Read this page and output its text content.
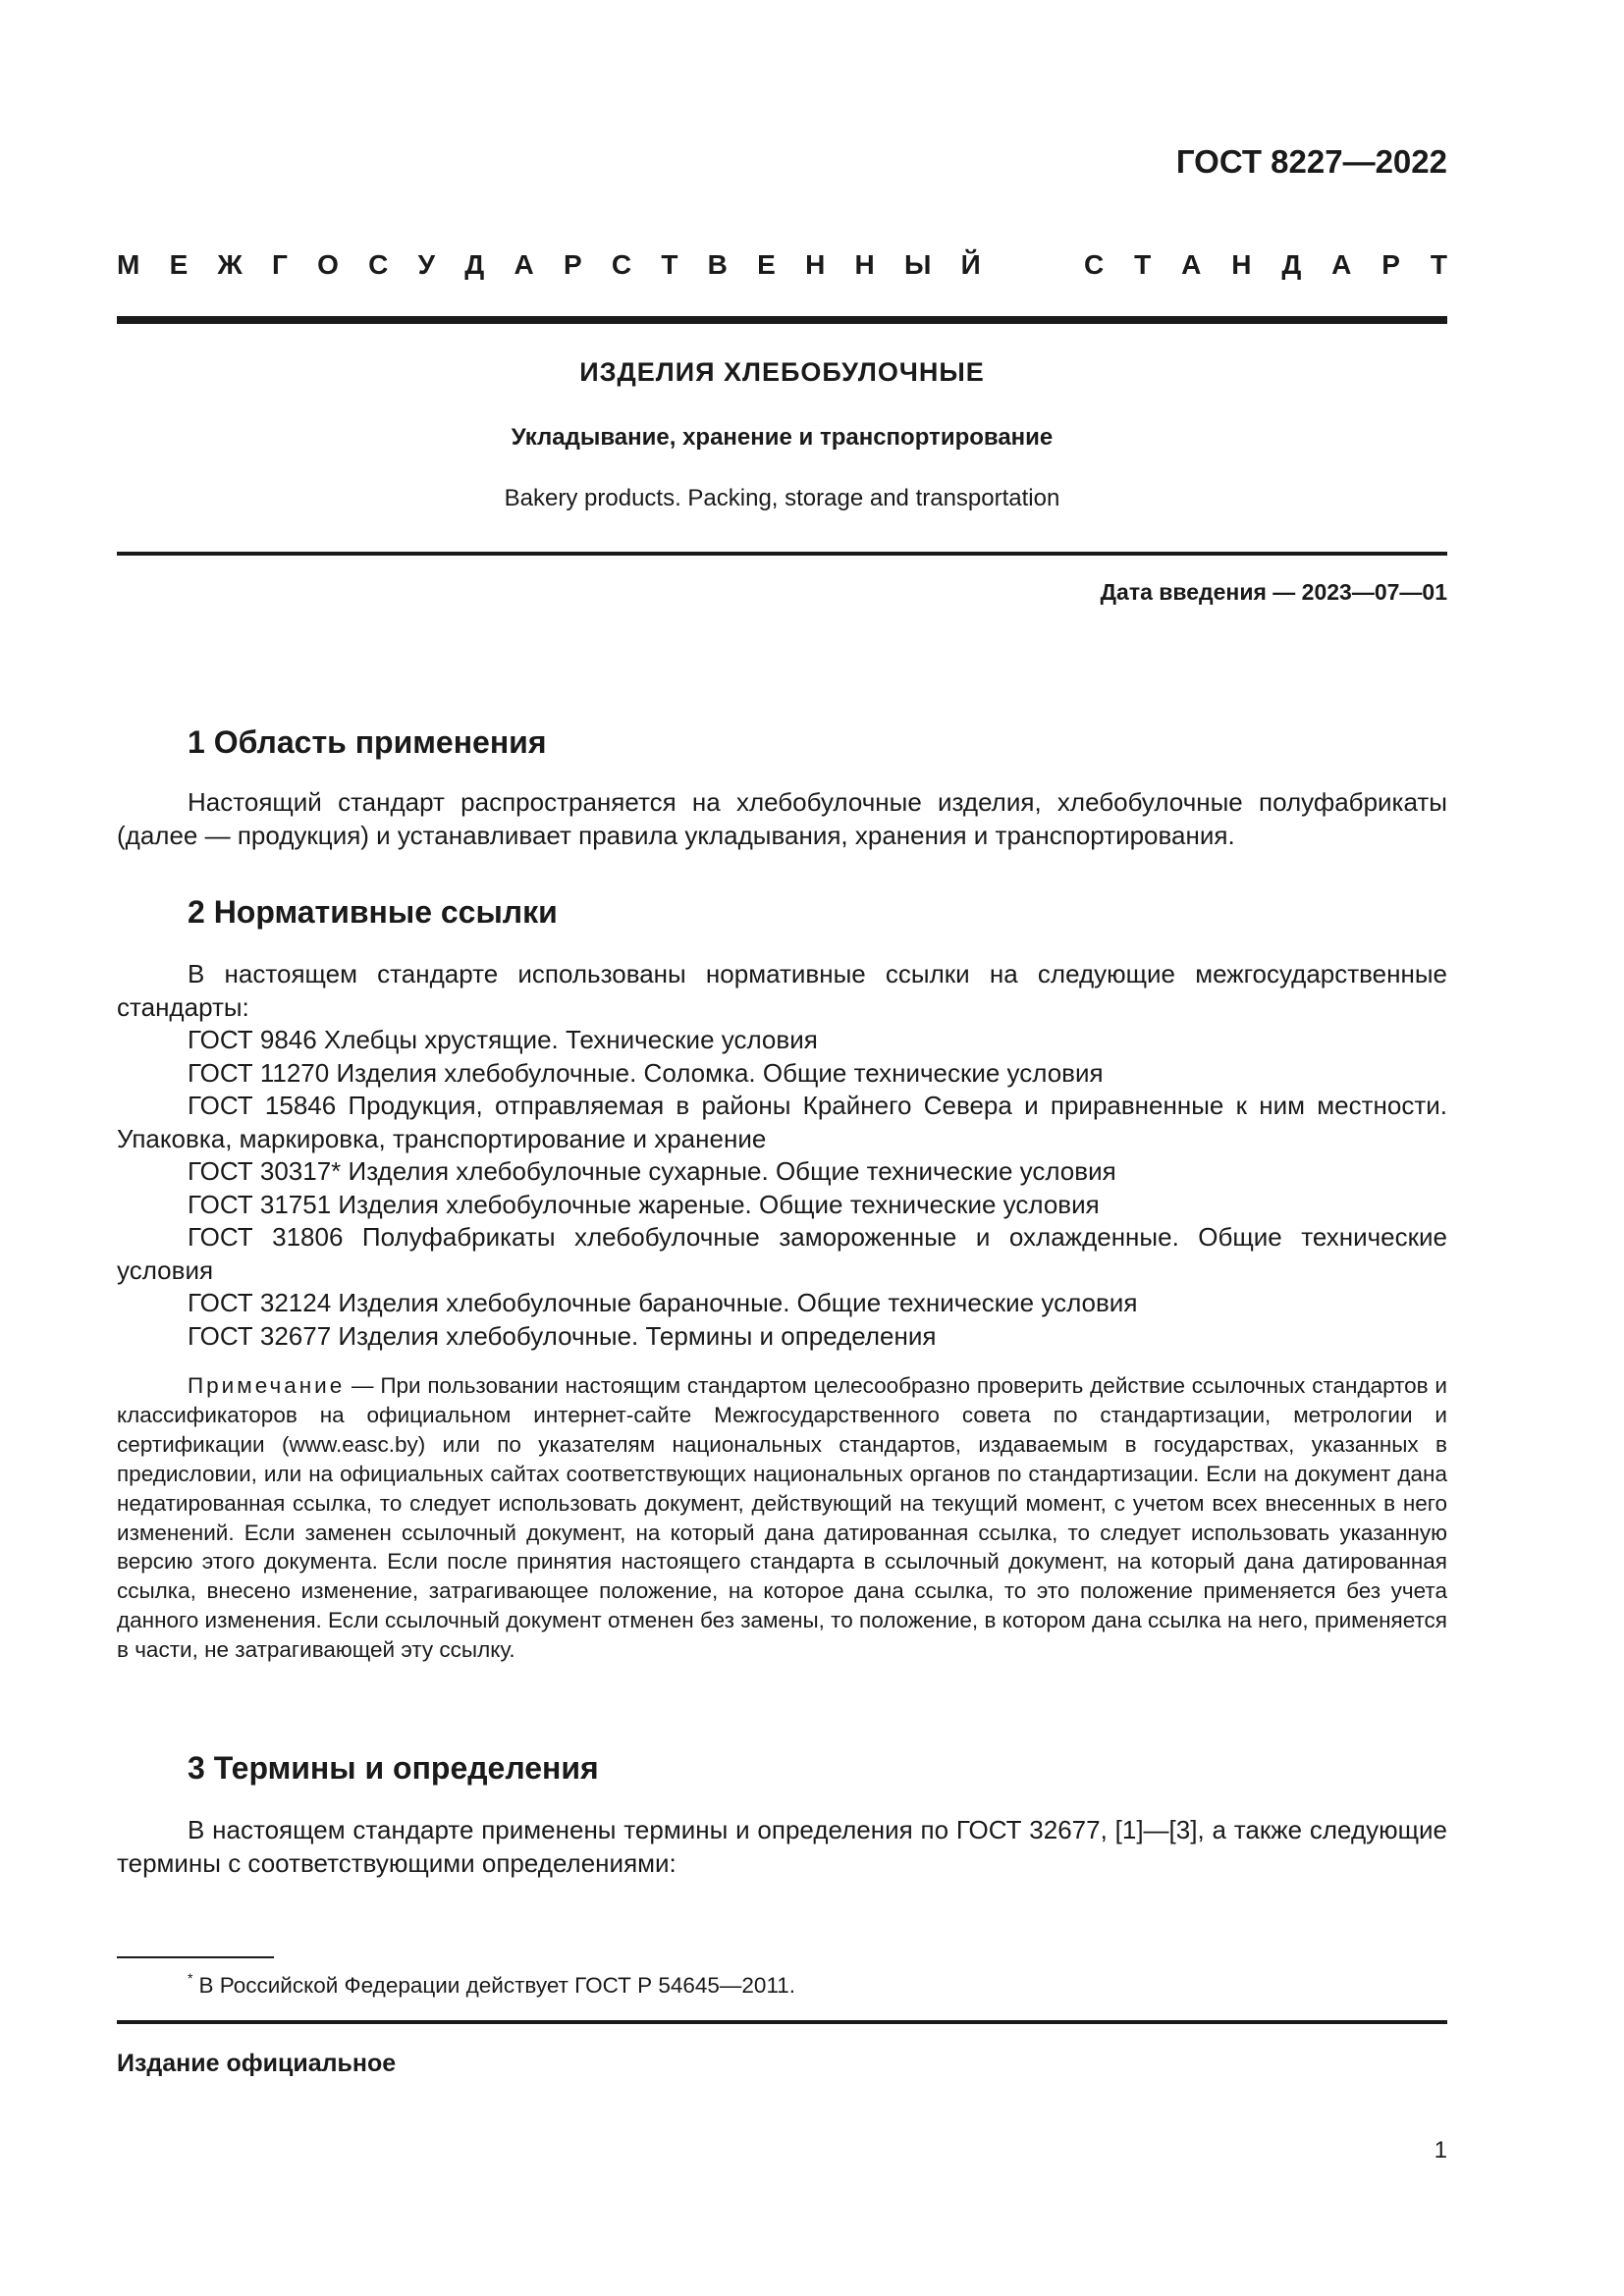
ГОСТ 8227—2022
М Е Ж Г О С У Д А Р С Т В Е Н Н Ы Й	С Т А Н Д А Р Т
ИЗДЕЛИЯ ХЛЕБОБУЛОЧНЫЕ
Укладывание, хранение и транспортирование
Bakery products. Packing, storage and transportation
Дата введения — 2023—07—01
1 Область применения
Настоящий стандарт распространяется на хлебобулочные изделия, хлебобулочные полуфабрикаты (далее — продукция) и устанавливает правила укладывания, хранения и транспортирования.
2 Нормативные ссылки
В настоящем стандарте использованы нормативные ссылки на следующие межгосударственные стандарты:

ГОСТ 9846 Хлебцы хрустящие. Технические условия

ГОСТ 11270 Изделия хлебобулочные. Соломка. Общие технические условия

ГОСТ 15846 Продукция, отправляемая в районы Крайнего Севера и приравненные к ним местности. Упаковка, маркировка, транспортирование и хранение

ГОСТ 30317* Изделия хлебобулочные сухарные. Общие технические условия

ГОСТ 31751 Изделия хлебобулочные жареные. Общие технические условия

ГОСТ 31806 Полуфабрикаты хлебобулочные замороженные и охлажденные. Общие технические условия

ГОСТ 32124 Изделия хлебобулочные бараночные. Общие технические условия

ГОСТ 32677 Изделия хлебобулочные. Термины и определения

Примечание — При пользовании настоящим стандартом целесообразно проверить действие ссылочных стандартов и классификаторов на официальном интернет-сайте Межгосударственного совета по стандартизации, метрологии и сертификации (www.easc.by) или по указателям национальных стандартов, издаваемым в государствах, указанных в предисловии, или на официальных сайтах соответствующих национальных органов по стандартизации. Если на документ дана недатированная ссылка, то следует использовать документ, действующий на текущий момент, с учетом всех внесенных в него изменений. Если заменен ссылочный документ, на который дана датированная ссылка, то следует использовать указанную версию этого документа. Если после принятия настоящего стандарта в ссылочный документ, на который дана датированная ссылка, внесено изменение, затрагивающее положение, на которое дана ссылка, то это положение применяется без учета данного изменения. Если ссылочный документ отменен без замены, то положение, в котором дана ссылка на него, применяется в части, не затрагивающей эту ссылку.
3 Термины и определения
В настоящем стандарте применены термины и определения по ГОСТ 32677, [1]—[3], а также следующие термины с соответствующими определениями:
* В Российской Федерации действует ГОСТ Р 54645—2011.
Издание официальное
1
